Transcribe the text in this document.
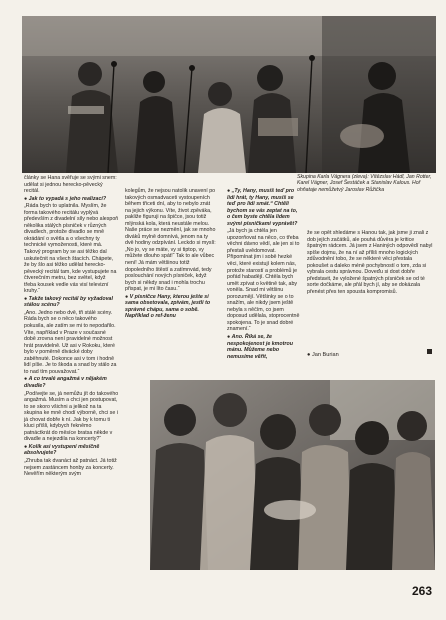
Skupina Karla Vágnera (zleva): Vítězslav Hádl, Jan Rotter, Karel Vágner, Josef Šestáček a Stanislav Kalous. Hoř ohňataje nemůžetvý Jaroslav Růžička

články se Hana svěřuje se svými snem: udělat si jednou herecko-pěvecký recitál.

● Jak to vypadá s jeho realizací?

„Ráda bych to uplatnila. Myslím, že forma takového recitálu vyplývá především z divadelní síly nebo alespoň několika stálých písniček v různých divadlech, protože divadlo se mně okrádání o světla a o všechny ty technické vymoženosti, které má. Takový program by se asi těžko dal uskutečnit na všech štacích. Chápete, že by šlo asi těžko udělat herecko-pěvecký recitál tam, kde vystupujete na čtverečním metru, bez světel, když třeba kousek vedle vás visí televizní kruhy.“

● Takže takový recitál by vyžadoval stálou scénu?

„Ano. Jedno nebo dvě, tři stálé scény. Ráda bych se o něco takového pokusila, ale zatím se mi to nepodařilo. Víte, například v Praze v současné době zrovna není pravidelné možnost hrát pravidelně. Už asi v Rokoku, které bylo v poměrně divácké doby zaběhnuté. Dokonce asi v tom i hodně lidí píše. Je to škoda a snad by stálo za to nad tím pouvažovat.“

● A co trvalé angažmá v nějakém divadle?

„Podívejte se, já nemůžu jít do takového angažmá. Musím a chci jen postupovat, to se skoro všichni a jelikož na ta skupina ke mně chodí výborně, chci se i já chovat dobře k ní. Jak by k tomu ti kluci přišli, kdybych řekněmo patnáctkrát do měsíce bratsa někde v divadle a nejezdila na koncerty?“

● Kolik asi vystupení měsíčně absolvujete?

„Zhruba tak dvanáct až patnáct. Já totiž nejsem zastáncem honby za koncerty. Nevěřím některým svým

kolegům, že nejsou natolik unavení po takových osmadvaceti vystoupeních během třiceti dní, aby to nebylo znát na jejich výkonu. Víte, život zpěváka, pakliže figuruji na špičce, jsou totiž mlýnská kola, která neustále melou. Naše práce se nezmění, jak se mnoho diváků mylně domnívá, jenom na ty dvě hodiny odzpívání. Leckdo si myslí: „No jo, vy se máte, vy si tiptop, vy můžete dlouho spát!“ Tak to ale vůbec není! Já mám většinou totiž dopoledního štěstí a zatímnvád, tedy poslouchání nových písniček, když bych si někdy snad i mohla trochu přispat, je mi líto času.“

● V písničce Hany, kterou ješte si sama obsetovala, zpívám, jestli to správné chápu, sama o sobě. Například o ref-ženu

● „Ty, Hany, musíš teď pro lidi hrát, ty Hany, musíš se teď pro lidi smát.“ Chtěli bychom se vás zeptat na to, o čem byste chtěla lidem svými písničkami vyprávět?

„Já bych ja chtěla jen upozorňovat na něco, co třeba věchni dávno vědí, ale jen si to přestali uvědomovat. Připomínat jim i sobě hezké věci, které existují kolem nás, protože starostí a problémů je pořád habadějí. Chtěla bych umět zpívat o květině tak, aby voněla. Snad mi většinu porozumějí. Většinky se o to snažím, ale nikdy jsem ještě nebyla s něčím, co jsem doposud udělala, stoprocentně spokojena. To je snad dobré znamení.“

● Ano. Říká se, že nespokojenost je kmotrou mánu. Můžeme nebo nemusíme věřit,

že se opět shledáme s Hanou tak, jak jsme ji znali z dob jejích začátků, ale pouhá důvěra je kritice špatným rádcem. Já jsem z Haniných odpovědí nabyl spíše dojmu, že na ní až příliš mnoho logických zdůvodnění tobo, že se některé věci přestala pokoušet a daleko méně pochybností o tom, zda si vybrala cestu správnou. Doveďu si dost dobře představit, že vyložené špatných písniček se od té sorte dočkáme, ale přál bych jí, aby se dokázala přenést přes ten spousta kompromisů.

● Jan Burian
263
